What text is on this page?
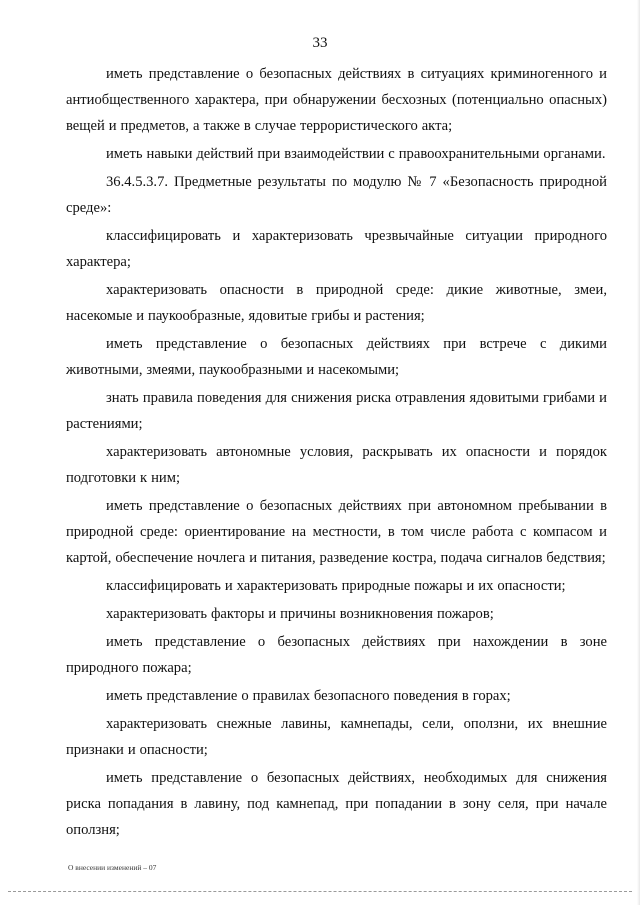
33

иметь представление о безопасных действиях в ситуациях криминогенного и антиобщественного характера, при обнаружении бесхозных (потенциально опасных) вещей и предметов, а также в случае террористического акта;

иметь навыки действий при взаимодействии с правоохранительными органами.

36.4.5.3.7. Предметные результаты по модулю № 7 «Безопасность природной среде»:

классифицировать и характеризовать чрезвычайные ситуации природного характера;

характеризовать опасности в природной среде: дикие животные, змеи, насекомые и паукообразные, ядовитые грибы и растения;

иметь представление о безопасных действиях при встрече с дикими животными, змеями, паукообразными и насекомыми;

знать правила поведения для снижения риска отравления ядовитыми грибами и растениями;

характеризовать автономные условия, раскрывать их опасности и порядок подготовки к ним;

иметь представление о безопасных действиях при автономном пребывании в природной среде: ориентирование на местности, в том числе работа с компасом и картой, обеспечение ночлега и питания, разведение костра, подача сигналов бедствия;

классифицировать и характеризовать природные пожары и их опасности;

характеризовать факторы и причины возникновения пожаров;

иметь представление о безопасных действиях при нахождении в зоне природного пожара;

иметь представление о правилах безопасного поведения в горах;

характеризовать снежные лавины, камнепады, сели, оползни, их внешние признаки и опасности;

иметь представление о безопасных действиях, необходимых для снижения риска попадания в лавину, под камнепад, при попадании в зону селя, при начале оползня;

О внесении изменений – 07
